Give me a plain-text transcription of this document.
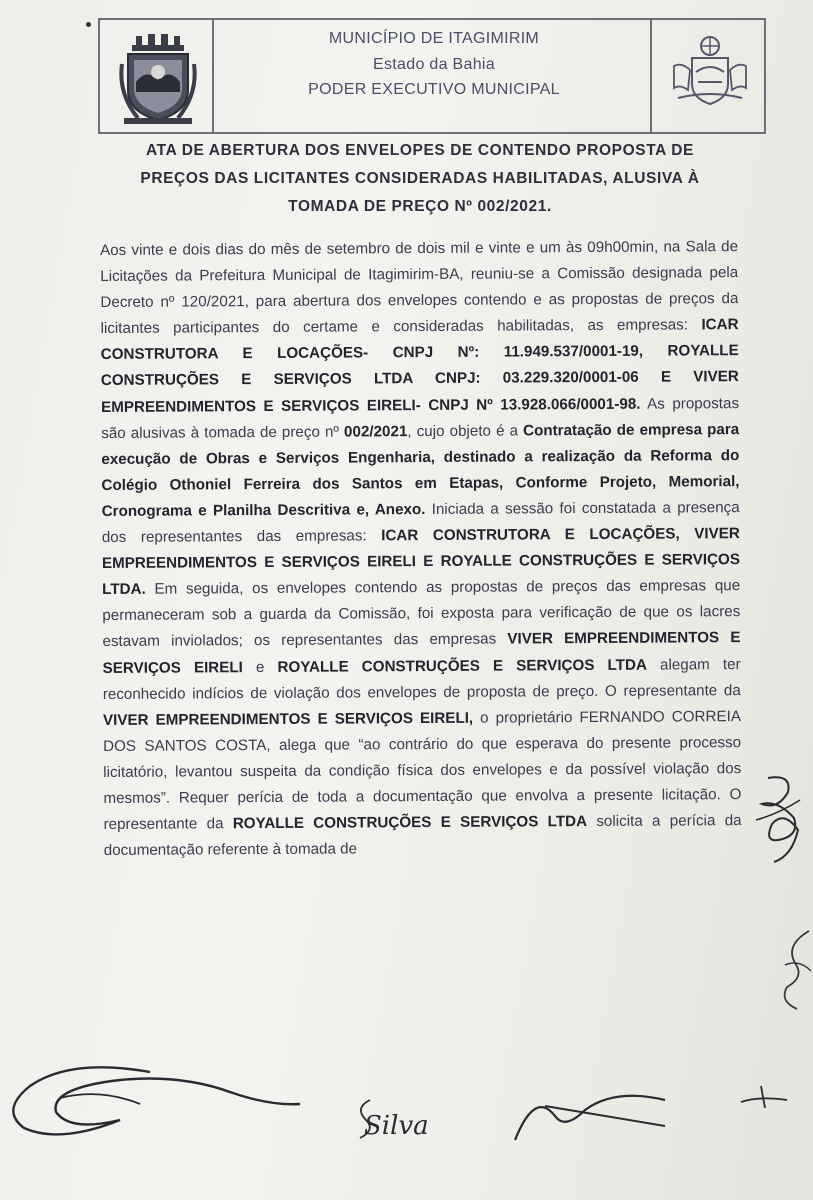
MUNICÍPIO DE ITAGIMIRIM
Estado da Bahia
PODER EXECUTIVO MUNICIPAL
ATA DE ABERTURA DOS ENVELOPES DE CONTENDO PROPOSTA DE
PREÇOS DAS LICITANTES CONSIDERADAS HABILITADAS, ALUSIVA À
TOMADA DE PREÇO Nº 002/2021.
Aos vinte e dois dias do mês de setembro de dois mil e vinte e um às 09h00min, na Sala de Licitações da Prefeitura Municipal de Itagimirim-BA, reuniu-se a Comissão designada pela Decreto nº 120/2021, para abertura dos envelopes contendo e as propostas de preços da licitantes participantes do certame e consideradas habilitadas, as empresas: ICAR CONSTRUTORA E LOCAÇÕES- CNPJ Nº: 11.949.537/0001-19, ROYALLE CONSTRUÇÕES E SERVIÇOS LTDA CNPJ: 03.229.320/0001-06 E VIVER EMPREENDIMENTOS E SERVIÇOS EIRELI- CNPJ Nº 13.928.066/0001-98. As propostas são alusivas à tomada de preço nº 002/2021, cujo objeto é a Contratação de empresa para execução de Obras e Serviços Engenharia, destinado a realização da Reforma do Colégio Othoniel Ferreira dos Santos em Etapas, Conforme Projeto, Memorial, Cronograma e Planilha Descritiva e, Anexo. Iniciada a sessão foi constatada a presença dos representantes das empresas: ICAR CONSTRUTORA E LOCAÇÕES, VIVER EMPREENDIMENTOS E SERVIÇOS EIRELI E ROYALLE CONSTRUÇÕES E SERVIÇOS LTDA. Em seguida, os envelopes contendo as propostas de preços das empresas que permaneceram sob a guarda da Comissão, foi exposta para verificação de que os lacres estavam inviolados; os representantes das empresas VIVER EMPREENDIMENTOS E SERVIÇOS EIRELI e ROYALLE CONSTRUÇÕES E SERVIÇOS LTDA alegam ter reconhecido indícios de violação dos envelopes de proposta de preço. O representante da VIVER EMPREENDIMENTOS E SERVIÇOS EIRELI, o proprietário FERNANDO CORREIA DOS SANTOS COSTA, alega que “ao contrário do que esperava do presente processo licitatório, levantou suspeita da condição física dos envelopes e da possível violação dos mesmos”. Requer perícia de toda a documentação que envolva a presente licitação. O representante da ROYALLE CONSTRUÇÕES E SERVIÇOS LTDA solicita a perícia da documentação referente à tomada de
Silva
